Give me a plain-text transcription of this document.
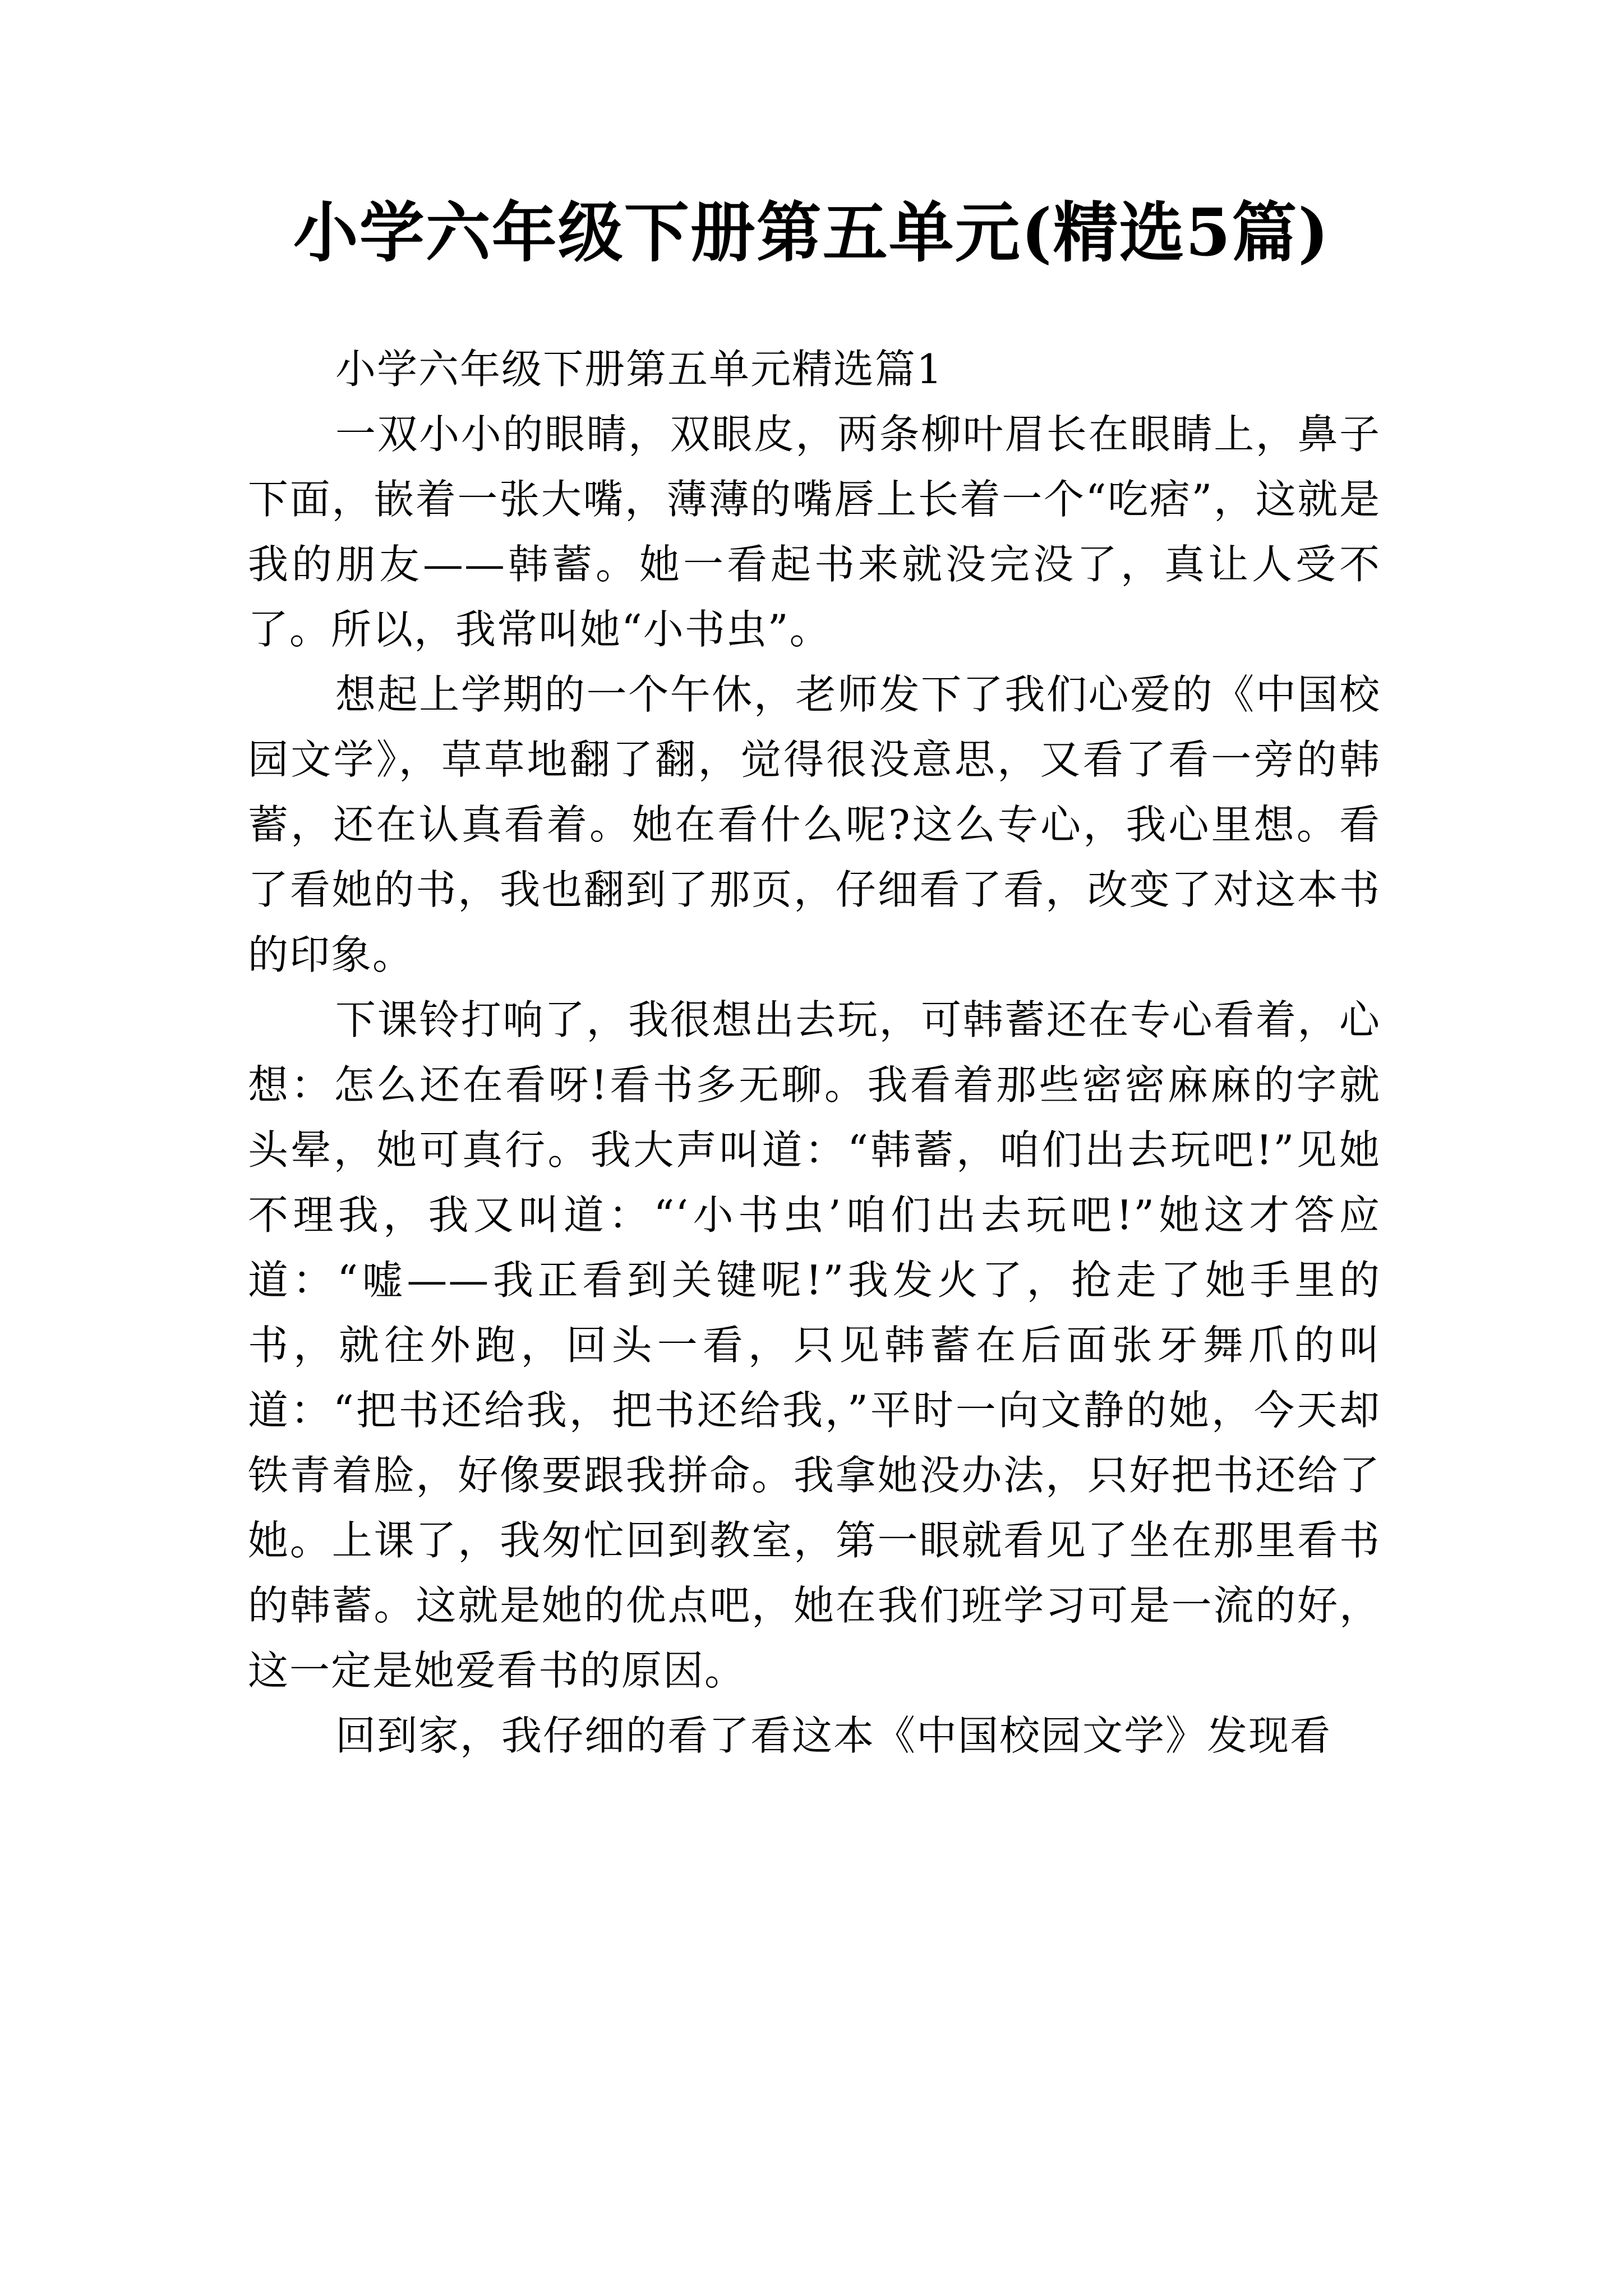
小学六年级下册第五单元(精选5篇)

小学六年级下册第五单元精选篇1

一双小小的眼睛，双眼皮，两条柳叶眉长在眼睛上，鼻子下面，嵌着一张大嘴，薄薄的嘴唇上长着一个“吃痞”，这就是我的朋友——韩蓄。她一看起书来就没完没了，真让人受不了。所以，我常叫她“小书虫”。

想起上学期的一个午休，老师发下了我们心爱的《中国校园文学》，草草地翻了翻，觉得很没意思，又看了看一旁的韩蓄，还在认真看着。她在看什么呢?这么专心，我心里想。看了看她的书，我也翻到了那页，仔细看了看，改变了对这本书的印象。

下课铃打响了，我很想出去玩，可韩蓄还在专心看着，心想：怎么还在看呀!看书多无聊。我看着那些密密麻麻的字就头晕，她可真行。我大声叫道：“韩蓄，咱们出去玩吧!”见她不理我，我又叫道：“‘小书虫’咱们出去玩吧!”她这才答应道：“嘘——我正看到关键呢!”我发火了，抢走了她手里的书，就往外跑，回头一看，只见韩蓄在后面张牙舞爪的叫道：“把书还给我，把书还给我，”平时一向文静的她，今天却铁青着脸，好像要跟我拼命。我拿她没办法，只好把书还给了她。上课了，我匆忙回到教室，第一眼就看见了坐在那里看书的韩蓄。这就是她的优点吧，她在我们班学习可是一流的好，这一定是她爱看书的原因。

回到家，我仔细的看了看这本《中国校园文学》发现看
